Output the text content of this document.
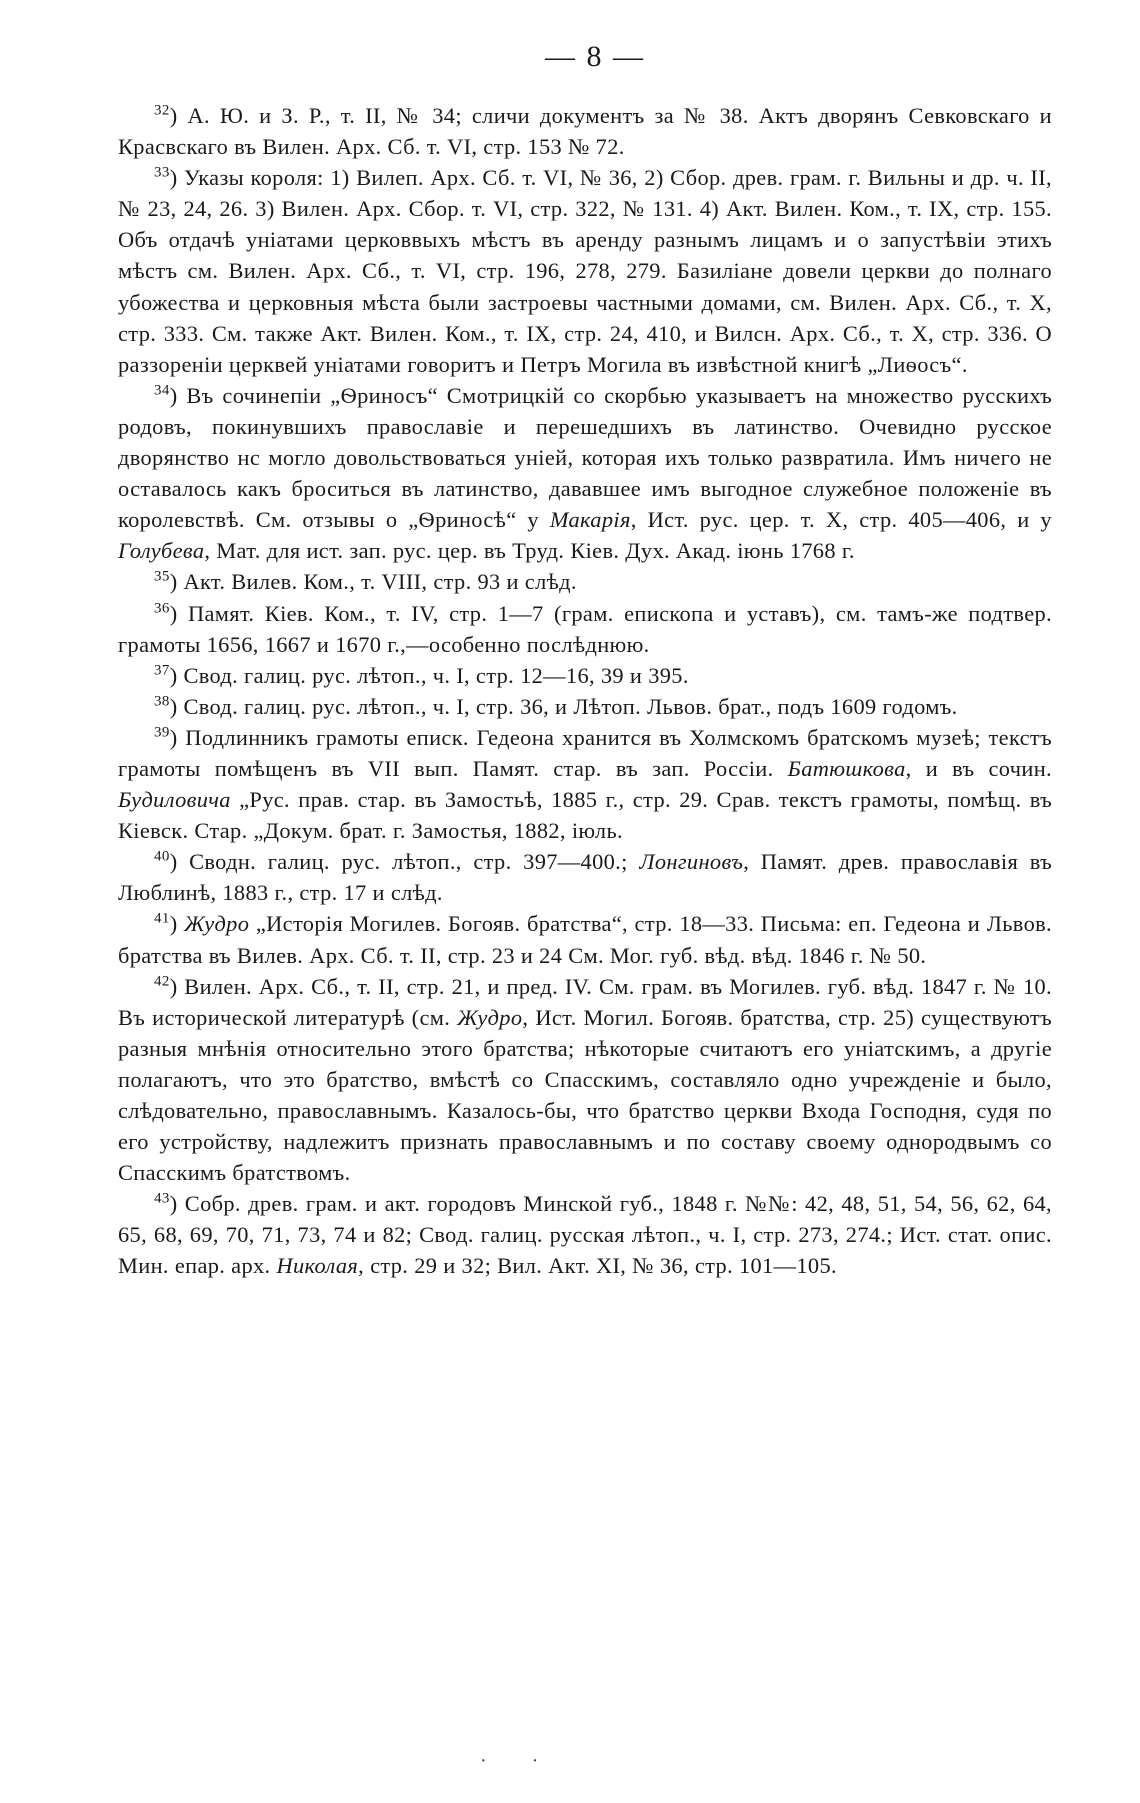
— 8 —

$^{32}$) А. Ю. и З. Р., т. II, № 34; сличи документъ за № 38. Актъ дворянъ Севковскаго и Красвскаго въ Вилен. Арх. Сб. т. VI, стр. 153 № 72.

$^{33}$) Указы короля: 1) Вилеп. Арх. Сб. т. VI, № 36, 2) Сбор. древ. грам. г. Вильны и др. ч. II, № 23, 24, 26. 3) Вилен. Арх. Сбор. т. VI, стр. 322, № 131. 4) Акт. Вилен. Ком., т. IX, стр. 155. Объ отдачѣ уніатами церковвыхъ мѣстъ въ аренду разнымъ лицамъ и о запустѣвіи этихъ мѣстъ см. Вилен. Арх. Сб., т. VI, стр. 196, 278, 279. Базиліане довели церкви до полнаго убожества и церковныя мѣста были застроевы частными домами, см. Вилен. Арх. Сб., т. X, стр. 333. См. также Акт. Вилен. Ком., т. IX, стр. 24, 410, и Вилсн. Арх. Сб., т. X, стр. 336. О раззореніи церквей уніатами говоритъ и Петръ Могила въ извѣстной книгѣ „Лиѳосъ“.

$^{34}$) Въ сочинепіи „Ѳриносъ“ Смотрицкій со скорбью указываетъ на множество русскихъ родовъ, покинувшихъ православіе и перешедшихъ въ латинство. Очевидно русское дворянство нс могло довольствоваться уніей, которая ихъ только развратила. Имъ ничего не оставалось какъ броситься въ латинство, дававшее имъ выгодное служебное положеніе въ королевствѣ. См. отзывы о „Ѳриносѣ“ у Макарія, Ист. рус. цер. т. X, стр. 405—406, и у Голубева, Мат. для ист. зап. рус. цер. въ Труд. Кіев. Дух. Акад. іюнь 1768 г.

$^{35}$) Акт. Вилев. Ком., т. VIII, стр. 93 и слѣд.

$^{36}$) Памят. Кіев. Ком., т. IV, стр. 1—7 (грам. епископа и уставъ), см. тамъ-же подтвер. грамоты 1656, 1667 и 1670 г.,—особенно послѣднюю.

$^{37}$) Свод. галиц. рус. лѣтоп., ч. I, стр. 12—16, 39 и 395.

$^{38}$) Свод. галиц. рус. лѣтоп., ч. I, стр. 36, и Лѣтоп. Львов. брат., подъ 1609 годомъ.

$^{39}$) Подлинникъ грамоты еписк. Гедеона хранится въ Холмскомъ братскомъ музеѣ; текстъ грамоты помѣщенъ въ VII вып. Памят. стар. въ зап. Россіи. Батюшкова, и въ сочин. Будиловича „Рус. прав. стар. въ Замостьѣ, 1885 г., стр. 29. Срав. текстъ грамоты, помѣщ. въ Кіевск. Стар. „Докум. брат. г. Замостья, 1882, іюль.

$^{40}$) Сводн. галиц. рус. лѣтоп., стр. 397—400.; Лонгиновъ, Памят. древ. православія въ Люблинѣ, 1883 г., стр. 17 и слѣд.

$^{41}$) Жудро „Исторія Могилев. Богояв. братства“, стр. 18—33. Письма: еп. Гедеона и Львов. братства въ Вилев. Арх. Сб. т. II, стр. 23 и 24 См. Мог. губ. вѣд. вѣд. 1846 г. № 50.

$^{42}$) Вилен. Арх. Сб., т. II, стр. 21, и пред. IV. См. грам. въ Могилев. губ. вѣд. 1847 г. № 10. Въ исторической литературѣ (см. Жудро, Ист. Могил. Богояв. братства, стр. 25) существуютъ разныя мнѣнія относительно этого братства; нѣкоторые считаютъ его уніатскимъ, а другіе полагаютъ, что это братство, вмѣстѣ со Спасскимъ, составляло одно учрежденіе и было, слѣдовательно, православнымъ. Казалось-бы, что братство церкви Входа Господня, судя по его устройству, надлежитъ признать православнымъ и по составу своему однородвымъ со Спасскимъ братствомъ.

$^{43}$) Собр. древ. грам. и акт. городовъ Минской губ., 1848 г. №№: 42, 48, 51, 54, 56, 62, 64, 65, 68, 69, 70, 71, 73, 74 и 82; Свод. галиц. русская лѣтоп., ч. I, стр. 273, 274.; Ист. стат. опис. Мин. епар. арх. Николая, стр. 29 и 32; Вил. Акт. XI, № 36, стр. 101—105.

· ·
